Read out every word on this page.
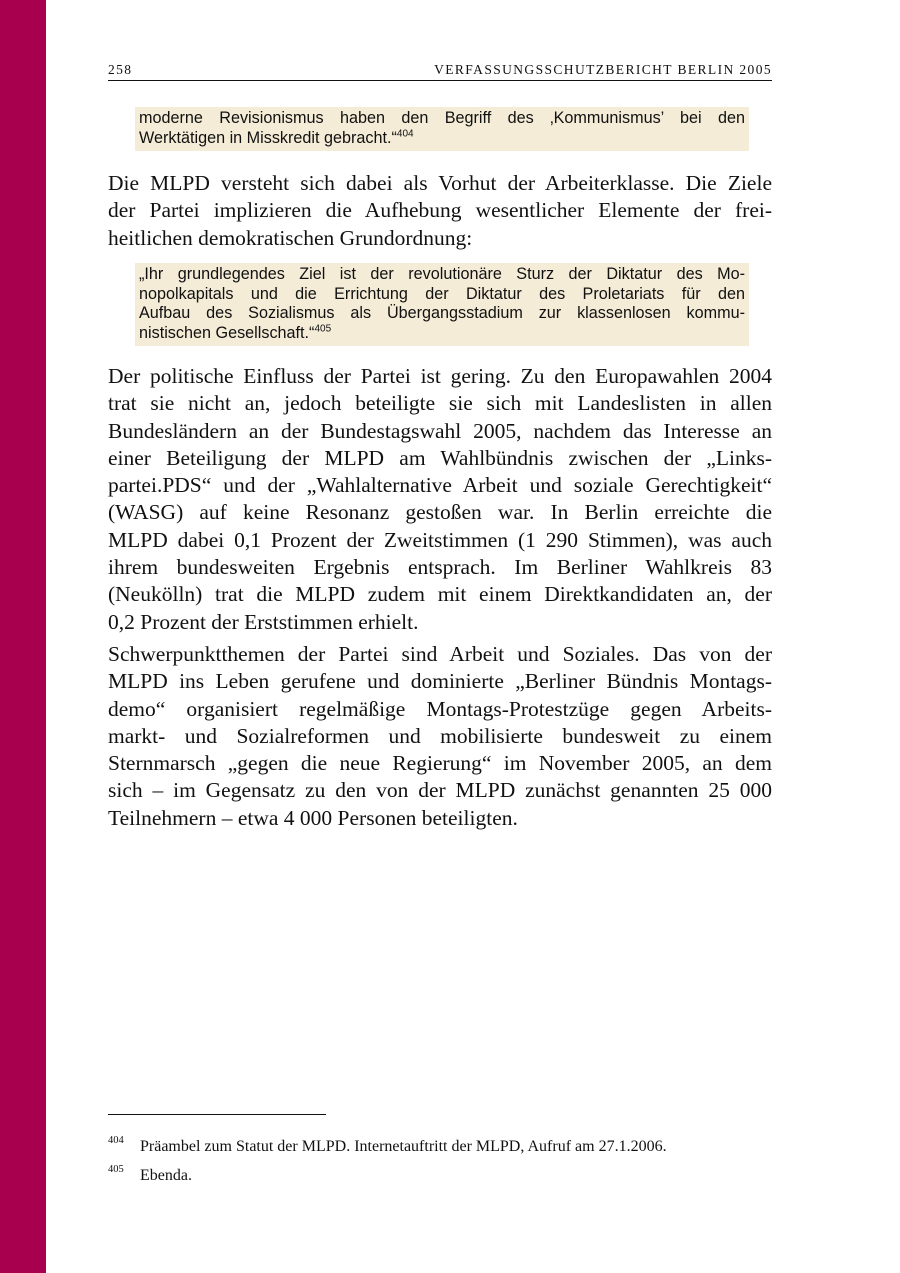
258	VERFASSUNGSSCHUTZBERICHT BERLIN 2005

moderne Revisionismus haben den Begriff des ‚Kommunismus’ bei den
Werktätigen in Misskredit gebracht.“$^{404}$

Die MLPD versteht sich dabei als Vorhut der Arbeiterklasse. Die Ziele
der Partei implizieren die Aufhebung wesentlicher Elemente der frei-
heitlichen demokratischen Grundordnung:

„Ihr grundlegendes Ziel ist der revolutionäre Sturz der Diktatur des Mo-
nopolkapitals und die Errichtung der Diktatur des Proletariats für den
Aufbau des Sozialismus als Übergangsstadium zur klassenlosen kommu-
nistischen Gesellschaft.“$^{405}$

Der politische Einfluss der Partei ist gering. Zu den Europawahlen 2004
trat sie nicht an, jedoch beteiligte sie sich mit Landeslisten in allen
Bundesländern an der Bundestagswahl 2005, nachdem das Interesse an
einer Beteiligung der MLPD am Wahlbündnis zwischen der „Links-
partei.PDS“ und der „Wahlalternative Arbeit und soziale Gerechtigkeit“
(WASG) auf keine Resonanz gestoßen war. In Berlin erreichte die
MLPD dabei 0,1 Prozent der Zweitstimmen (1 290 Stimmen), was auch
ihrem bundesweiten Ergebnis entsprach. Im Berliner Wahlkreis 83
(Neukölln) trat die MLPD zudem mit einem Direktkandidaten an, der
0,2 Prozent der Erststimmen erhielt.

Schwerpunktthemen der Partei sind Arbeit und Soziales. Das von der
MLPD ins Leben gerufene und dominierte „Berliner Bündnis Montags-
demo“ organisiert regelmäßige Montags-Protestzüge gegen Arbeits-
markt- und Sozialreformen und mobilisierte bundesweit zu einem
Sternmarsch „gegen die neue Regierung“ im November 2005, an dem
sich – im Gegensatz zu den von der MLPD zunächst genannten 25 000
Teilnehmern – etwa 4 000 Personen beteiligten.

404	Präambel zum Statut der MLPD. Internetauftritt der MLPD, Aufruf am 27.1.2006.
405	Ebenda.
